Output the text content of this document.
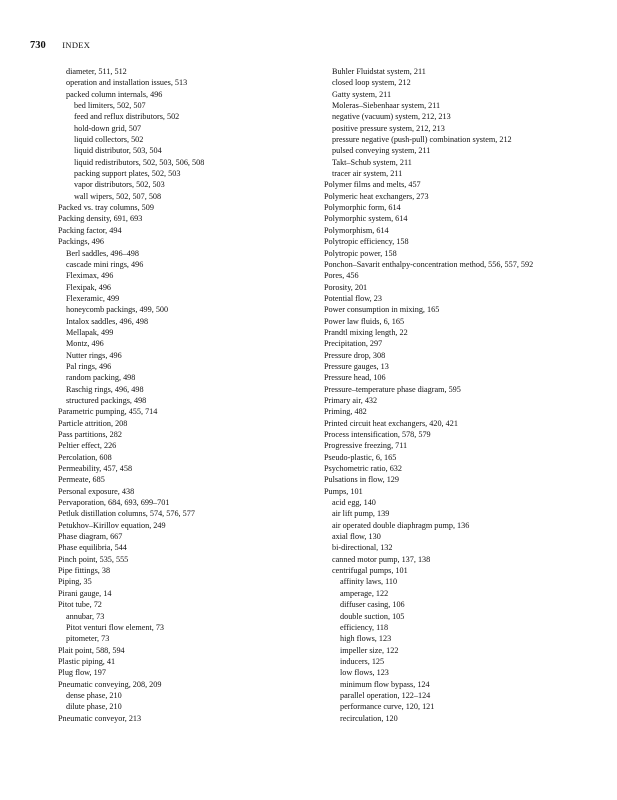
730 INDEX
diameter, 511, 512
operation and installation issues, 513
packed column internals, 496
bed limiters, 502, 507
feed and reflux distributors, 502
hold-down grid, 507
liquid collectors, 502
liquid distributor, 503, 504
liquid redistributors, 502, 503, 506, 508
packing support plates, 502, 503
vapor distributors, 502, 503
wall wipers, 502, 507, 508
Packed vs. tray columns, 509
Packing density, 691, 693
Packing factor, 494
Packings, 496
Berl saddles, 496–498
cascade mini rings, 496
Fleximax, 496
Flexipak, 496
Flexeramic, 499
honeycomb packings, 499, 500
Intalox saddles, 496, 498
Mellapak, 499
Montz, 496
Nutter rings, 496
Pal rings, 496
random packing, 498
Raschig rings, 496, 498
structured packings, 498
Parametric pumping, 455, 714
Particle attrition, 208
Pass partitions, 282
Peltier effect, 226
Percolation, 608
Permeability, 457, 458
Permeate, 685
Personal exposure, 438
Pervaporation, 684, 693, 699–701
Petluk distillation columns, 574, 576, 577
Petukhov–Kirillov equation, 249
Phase diagram, 667
Phase equilibria, 544
Pinch point, 535, 555
Pipe fittings, 38
Piping, 35
Pirani gauge, 14
Pitot tube, 72
annubar, 73
Pitot venturi flow element, 73
pitometer, 73
Plait point, 588, 594
Plastic piping, 41
Plug flow, 197
Pneumatic conveying, 208, 209
dense phase, 210
dilute phase, 210
Pneumatic conveyor, 213
Buhler Fluidstat system, 211
closed loop system, 212
Gatty system, 211
Moleras–Siebenhaar system, 211
negative (vacuum) system, 212, 213
positive pressure system, 212, 213
pressure negative (push-pull) combination system, 212
pulsed conveying system, 211
Takt–Schub system, 211
tracer air system, 211
Polymer films and melts, 457
Polymeric heat exchangers, 273
Polymorphic form, 614
Polymorphic system, 614
Polymorphism, 614
Polytropic efficiency, 158
Polytropic power, 158
Ponchon–Savarit enthalpy-concentration method, 556, 557, 592
Pores, 456
Porosity, 201
Potential flow, 23
Power consumption in mixing, 165
Power law fluids, 6, 165
Prandtl mixing length, 22
Precipitation, 297
Pressure drop, 308
Pressure gauges, 13
Pressure head, 106
Pressure–temperature phase diagram, 595
Primary air, 432
Priming, 482
Printed circuit heat exchangers, 420, 421
Process intensification, 578, 579
Progressive freezing, 711
Pseudo-plastic, 6, 165
Psychometric ratio, 632
Pulsations in flow, 129
Pumps, 101
acid egg, 140
air lift pump, 139
air operated double diaphragm pump, 136
axial flow, 130
bi-directional, 132
canned motor pump, 137, 138
centrifugal pumps, 101
affinity laws, 110
amperage, 122
diffuser casing, 106
double suction, 105
efficiency, 118
high flows, 123
impeller size, 122
inducers, 125
low flows, 123
minimum flow bypass, 124
parallel operation, 122–124
performance curve, 120, 121
recirculation, 120
